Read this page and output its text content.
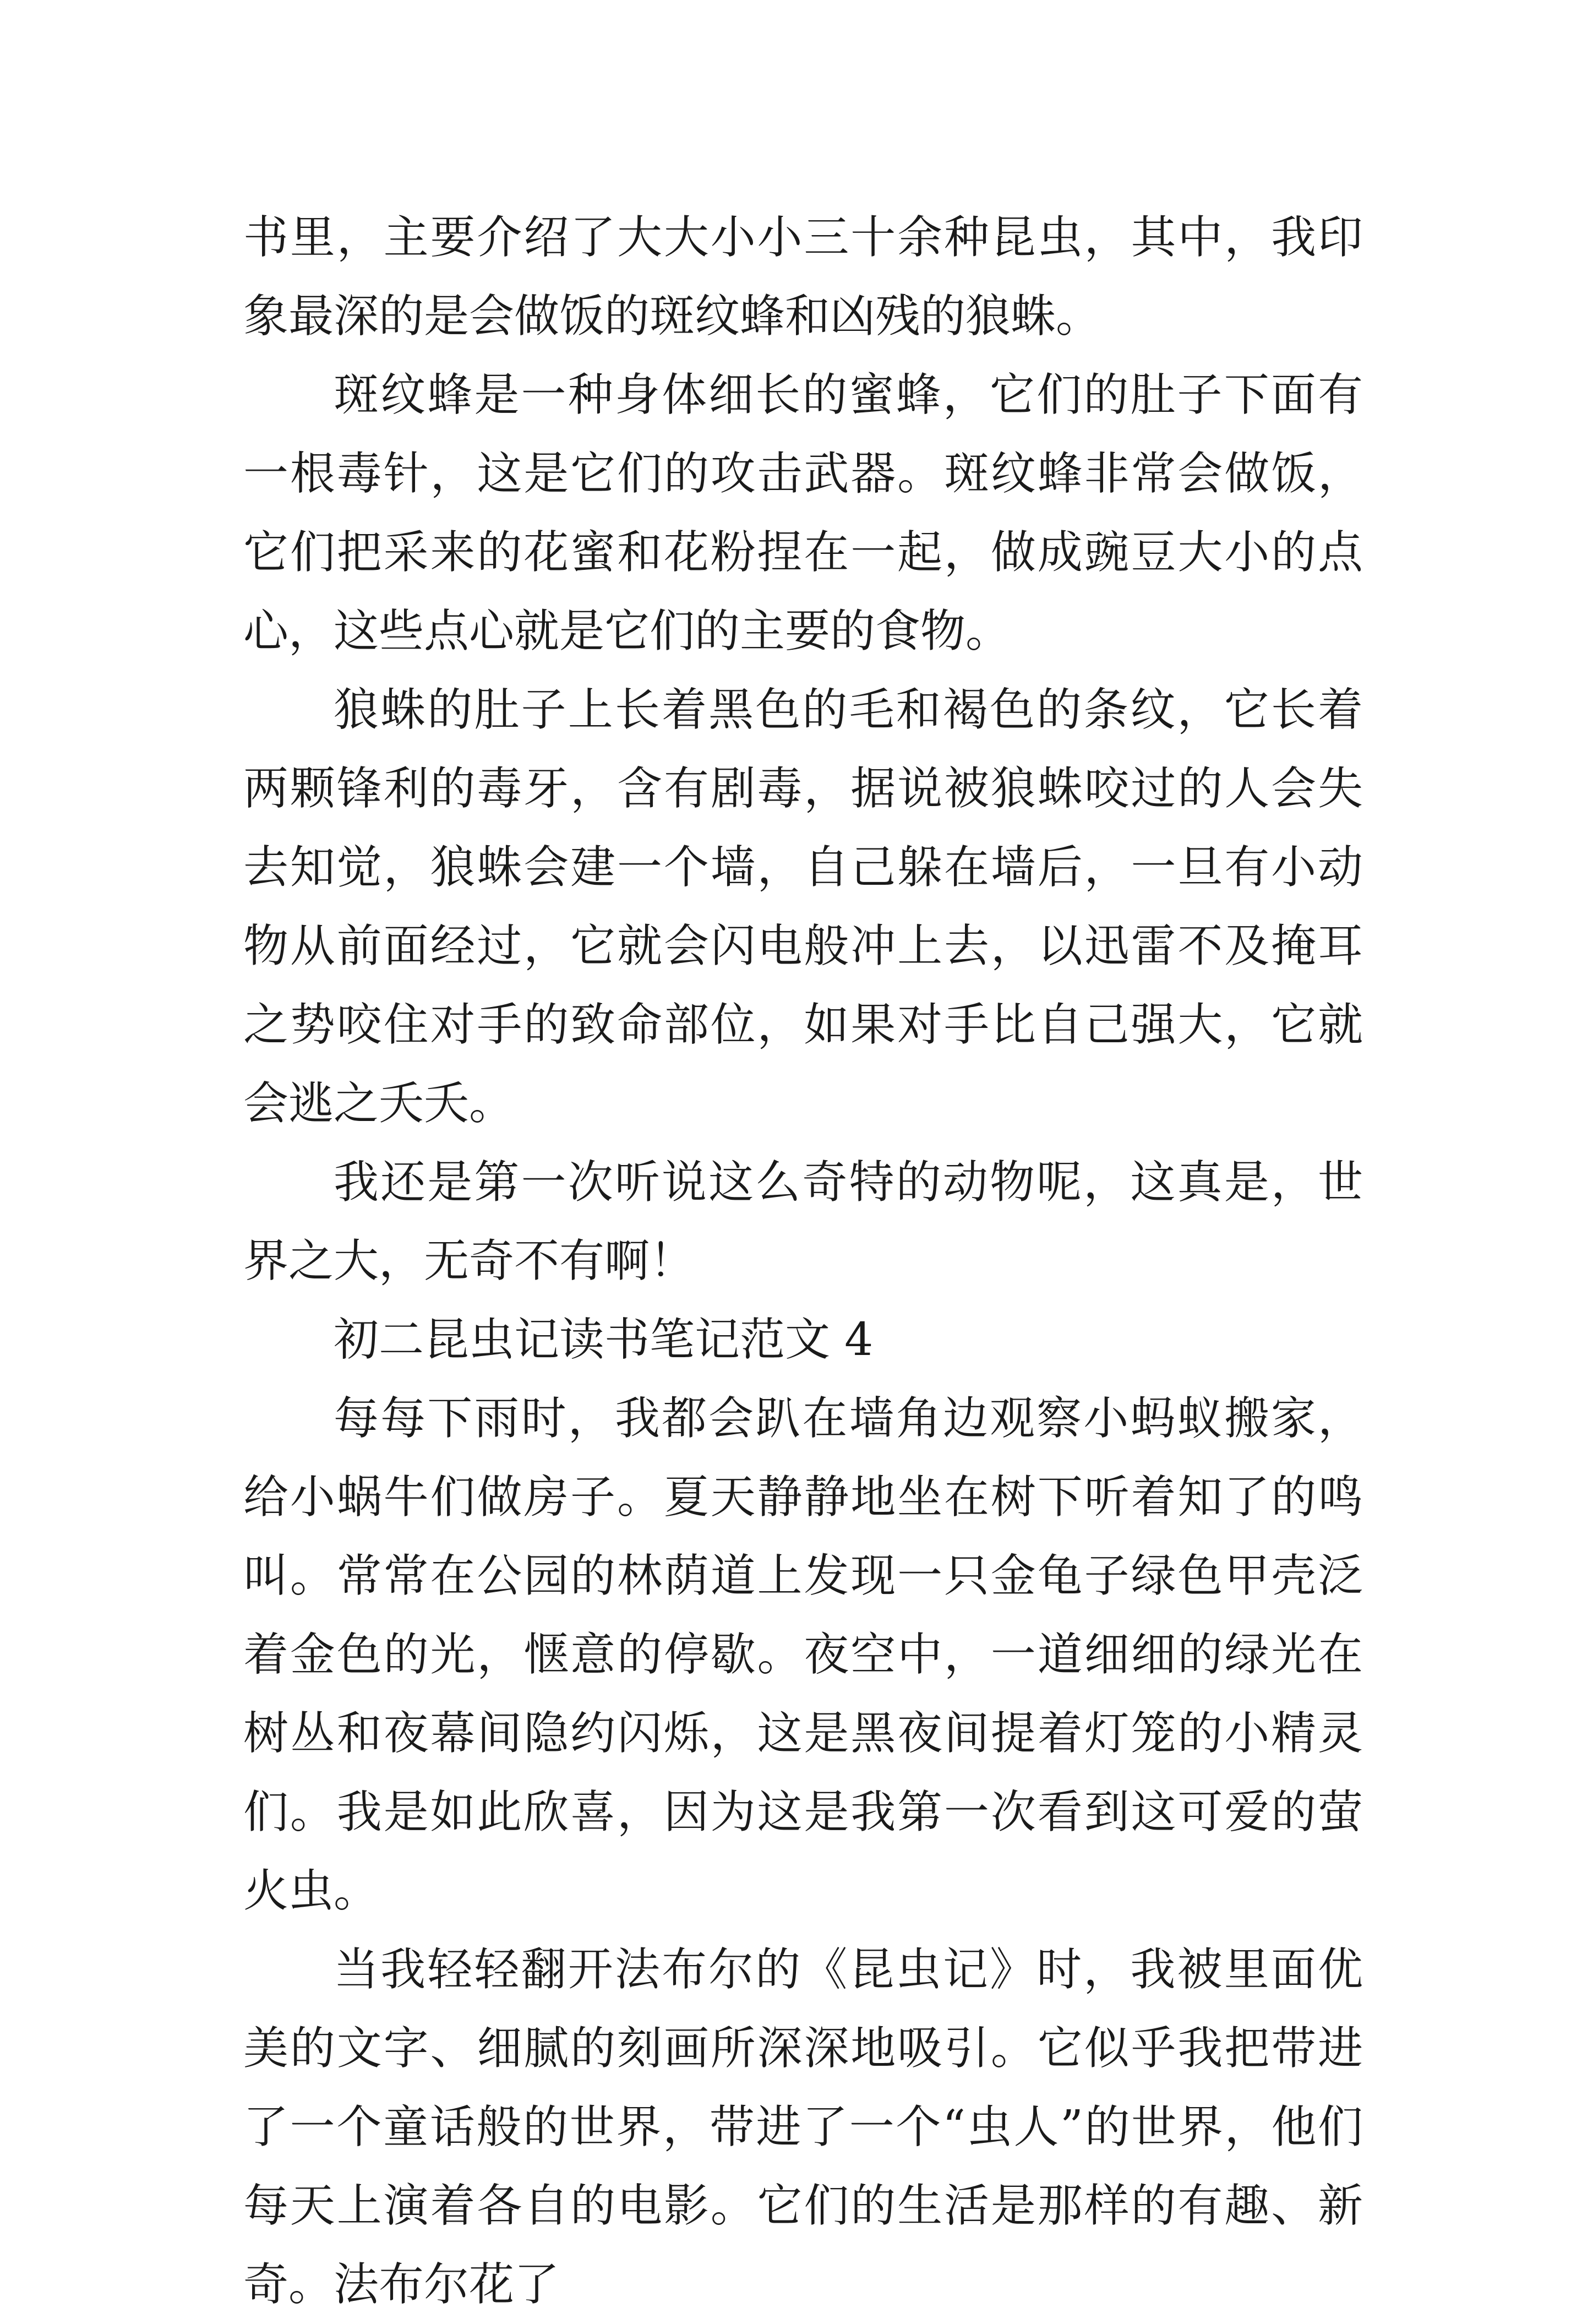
书里，主要介绍了大大小小三十余种昆虫，其中，我印象最深的是会做饭的斑纹蜂和凶残的狼蛛。

斑纹蜂是一种身体细长的蜜蜂，它们的肚子下面有一根毒针，这是它们的攻击武器。斑纹蜂非常会做饭，它们把采来的花蜜和花粉捏在一起，做成豌豆大小的点心，这些点心就是它们的主要的食物。

狼蛛的肚子上长着黑色的毛和褐色的条纹，它长着两颗锋利的毒牙，含有剧毒，据说被狼蛛咬过的人会失去知觉，狼蛛会建一个墙，自己躲在墙后，一旦有小动物从前面经过，它就会闪电般冲上去，以迅雷不及掩耳之势咬住对手的致命部位，如果对手比自己强大，它就会逃之夭夭。

我还是第一次听说这么奇特的动物呢，这真是，世界之大，无奇不有啊！

初二昆虫记读书笔记范文 4

每每下雨时，我都会趴在墙角边观察小蚂蚁搬家，给小蜗牛们做房子。夏天静静地坐在树下听着知了的鸣叫。常常在公园的林荫道上发现一只金龟子绿色甲壳泛着金色的光，惬意的停歇。夜空中，一道细细的绿光在树丛和夜幕间隐约闪烁，这是黑夜间提着灯笼的小精灵们。我是如此欣喜，因为这是我第一次看到这可爱的萤火虫。

当我轻轻翻开法布尔的《昆虫记》时，我被里面优美的文字、细腻的刻画所深深地吸引。它似乎我把带进了一个童话般的世界，带进了一个“虫人”的世界，他们每天上演着各自的电影。它们的生活是那样的有趣、新奇。法布尔花了
